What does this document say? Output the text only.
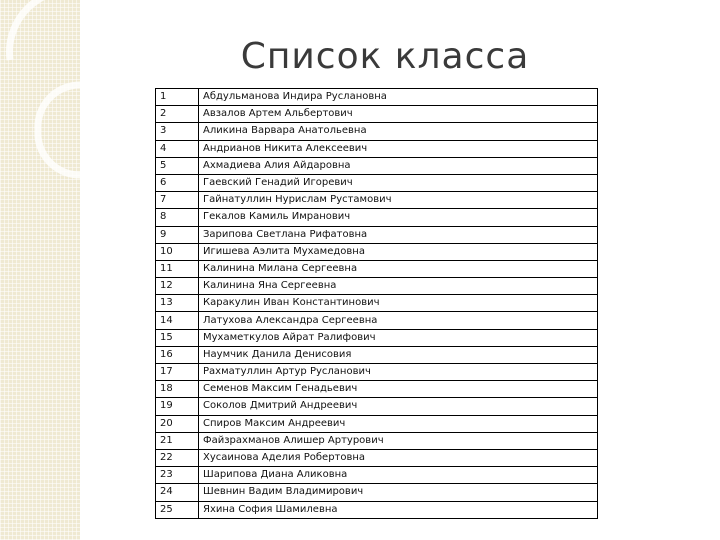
Список класса
1	Абдульманова Индира Руслановна
2	Авзалов Артем Альбертович
3	Аликина Варвара Анатольевна
4	Андрианов Никита Алексеевич
5	Ахмадиева Алия Айдаровна
6	Гаевский Генадий Игоревич
7	Гайнатуллин Нурислам Рустамович
8	Гекалов Камиль Имранович
9	Зарипова Светлана Рифатовна
10	Игишева Аэлита Мухамедовна
11	Калинина Милана Сергеевна
12	Калинина Яна Сергеевна
13	Каракулин Иван Константинович
14	Латухова Александра Сергеевна
15	Мухаметкулов Айрат Ралифович
16	Наумчик Данила Денисовия
17	Рахматуллин Артур Русланович
18	Семенов Максим Генадьевич
19	Соколов Дмитрий Андреевич
20	Спиров Максим Андреевич
21	Файзрахманов Алишер Артурович
22	Хусаинова Аделия Робертовна
23	Шарипова Диана Аликовна
24	Шевнин Вадим Владимирович
25	Яхина София Шамилевна
